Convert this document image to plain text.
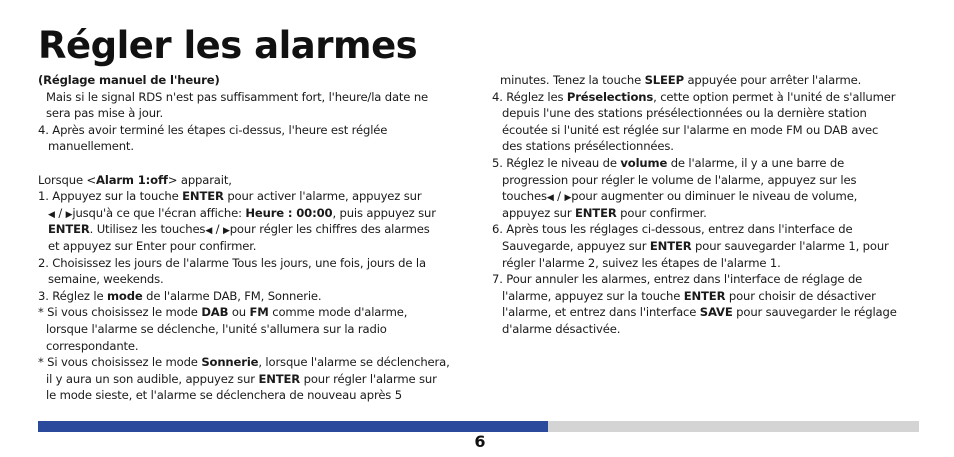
Régler les alarmes
(Réglage manuel de l'heure)
Mais si le signal RDS n'est pas suffisamment fort, l'heure/la date ne
sera pas mise à jour.
4. Après avoir terminé les étapes ci-dessus, l'heure est réglée
manuellement.
Lorsque <Alarm 1:off> apparait,
1. Appuyez sur la touche ENTER pour activer l'alarme, appuyez sur
◀ / ▶jusqu'à ce que l'écran affiche: Heure : 00:00, puis appuyez sur
ENTER. Utilisez les touches◀ / ▶pour régler les chiffres des alarmes
et appuyez sur Enter pour confirmer.
2. Choisissez les jours de l'alarme Tous les jours, une fois, jours de la
semaine, weekends.
3. Réglez le mode de l'alarme DAB, FM, Sonnerie.
* Si vous choisissez le mode DAB ou FM comme mode d'alarme,
lorsque l'alarme se déclenche, l'unité s'allumera sur la radio
correspondante.
* Si vous choisissez le mode Sonnerie, lorsque l'alarme se déclenchera,
il y aura un son audible, appuyez sur ENTER pour régler l'alarme sur
le mode sieste, et l'alarme se déclenchera de nouveau après 5
minutes. Tenez la touche SLEEP appuyée pour arrêter l'alarme.
4. Réglez les Préselections, cette option permet à l'unité de s'allumer
depuis l'une des stations présélectionnées ou la dernière station
écoutée si l'unité est réglée sur l'alarme en mode FM ou DAB avec
des stations présélectionnées.
5. Réglez le niveau de volume de l'alarme, il y a une barre de
progression pour régler le volume de l'alarme, appuyez sur les
touches◀ / ▶pour augmenter ou diminuer le niveau de volume,
appuyez sur ENTER pour confirmer.
6. Après tous les réglages ci-dessous, entrez dans l'interface de
Sauvegarde, appuyez sur ENTER pour sauvegarder l'alarme 1, pour
régler l'alarme 2, suivez les étapes de l'alarme 1.
7. Pour annuler les alarmes, entrez dans l'interface de réglage de
l'alarme, appuyez sur la touche ENTER pour choisir de désactiver
l'alarme, et entrez dans l'interface SAVE pour sauvegarder le réglage
d'alarme désactivée.
6
